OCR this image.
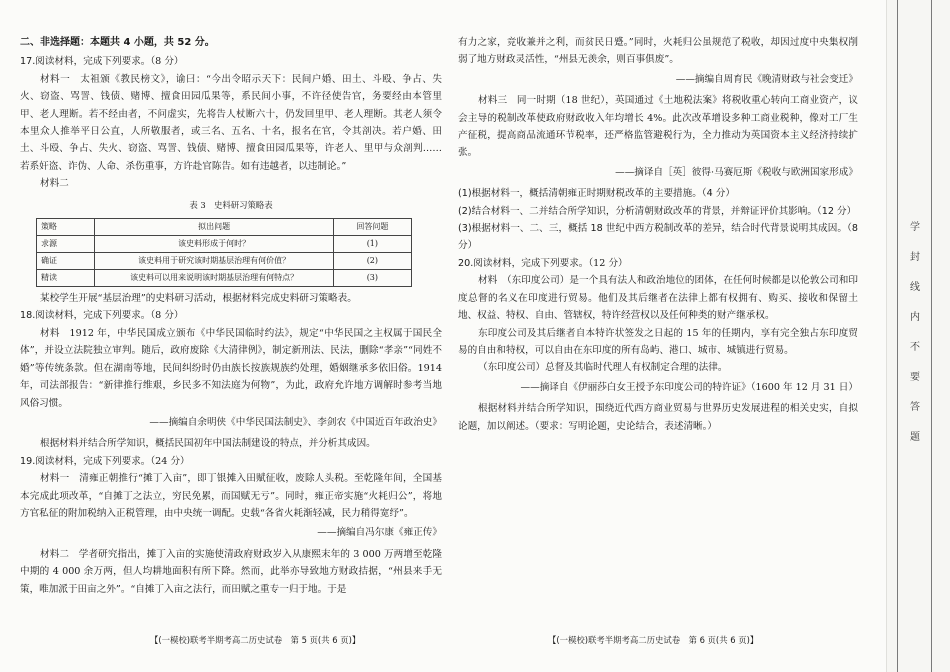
二、非选择题：本题共 4 小题，共 52 分。

17.阅读材料，完成下列要求。（8 分）

材料一　太祖颁《教民榜文》，谕曰：“今出令昭示天下：民间户婚、田土、斗殴、争占、失火、窃盗、骂詈、钱债、赌博、擅食田园瓜果等，系民间小事，不许径使告官，务要经由本管里甲、老人理断。若不经由者，不问虚实，先将告人杖断六十，仍发回里甲、老人理断。其老人须令本里众人推举平日公直，人所敬服者，或三名、五名、十名，报名在官，令其剖决。若户婚、田土、斗殴、争占、失火、窃盗、骂詈、钱债、赌博、擅食田园瓜果等，许老人、里甲与众剖判……若系奸盗、诈伪、人命、杀伤重事，方许赴官陈告。如有违越者，以违制论。”

材料二

表 3　史料研习策略表

策略	拟出问题	回答问题
求源	该史料形成于何时？	(1)
确证	该史料用于研究该时期基层治理有何价值？	(2)
精读	该史料可以用来说明该时期基层治理有何特点？	(3)

某校学生开展“基层治理”的史料研习活动，根据材料完成史料研习策略表。

18.阅读材料，完成下列要求。（8 分）

材料　1912 年，中华民国成立颁布《中华民国临时约法》，规定“中华民国之主权属于国民全体”，并设立法院独立审判。随后，政府废除《大清律例》，制定新刑法、民法，删除“孝亲”“同姓不婚”等传统条款。但在湖南等地，民间纠纷时仍由族长按族规族约处理，婚姻继承多依旧俗。1914 年，司法部报告：“新律推行维艰，乡民多不知法庭为何物”，为此，政府允许地方调解时参考当地风俗习惯。

——摘编自余明侠《中华民国法制史》、李剑农《中国近百年政治史》

根据材料并结合所学知识，概括民国初年中国法制建设的特点，并分析其成因。

19.阅读材料，完成下列要求。（24 分）

材料一　清雍正朝推行“摊丁入亩”，即丁银摊入田赋征收，废除人头税。至乾隆年间，全国基本完成此项改革，“自摊丁之法立，穷民免累，而国赋无亏”。同时，雍正帝实施“火耗归公”，将地方官私征的附加税纳入正税管理，由中央统一调配。史载“各省火耗渐轻减，民力稍得宽纾”。

——摘编自冯尔康《雍正传》

材料二　学者研究指出，摊丁入亩的实施使清政府财政岁入从康熙末年的 3 000 万两增至乾隆中期的 4 000 余万两，但人均耕地面积有所下降。然而，此举亦导致地方财政拮据，“州县来手无策，唯加派于田亩之外”。“自摊丁入亩之法行，而田赋之重专一归于地。于是

【(一模校)联考半期考高二历史试卷　第 5 页(共 6 页)】

有力之家，竞收兼并之利，而贫民日蹙。”同时，火耗归公虽规范了税收，却因过度中央集权削弱了地方财政灵活性，“州县无羡余，则百事俱废”。

——摘编自周育民《晚清财政与社会变迁》

材料三　同一时期（18 世纪），英国通过《土地税法案》将税收重心转向工商业资产，议会主导的税制改革使政府财政收入年均增长 4%。此次改革增设多种工商业税种，像对工厂生产征税，提高商品流通环节税率，还严格监管避税行为，全力推动为英国资本主义经济持续扩张。

——摘译自［英］彼得·马赛厄斯《税收与欧洲国家形成》

(1)根据材料一，概括清朝雍正时期财税改革的主要措施。（4 分）

(2)结合材料一、二并结合所学知识，分析清朝财政改革的背景，并辩证评价其影响。（12 分）

(3)根据材料一、二、三，概括 18 世纪中西方税制改革的差异，结合时代背景说明其成因。（8 分）

20.阅读材料，完成下列要求。（12 分）

材料　（东印度公司）是一个具有法人和政治地位的团体，在任何时候都是以伦敦公司和印度总督的名义在印度进行贸易。他们及其后继者在法律上都有权拥有、购买、接收和保留土地、权益、特权、自由、管辖权，特许经营权以及任何种类的财产继承权。

东印度公司及其后继者自本特许状签发之日起的 15 年的任期内，享有完全独占东印度贸易的自由和特权，可以自由在东印度的所有岛屿、港口、城市、城镇进行贸易。

（东印度公司）总督及其临时代理人有权制定合理的法律。

——摘译自《伊丽莎白女王授予东印度公司的特许证》（1600 年 12 月 31 日）

根据材料并结合所学知识，围绕近代西方商业贸易与世界历史发展进程的相关史实，自拟论题，加以阐述。（要求：写明论题，史论结合，表述清晰。）

【(一模校)联考半期考高二历史试卷　第 6 页(共 6 页)】
学
封
线
内
不
要
答
题
